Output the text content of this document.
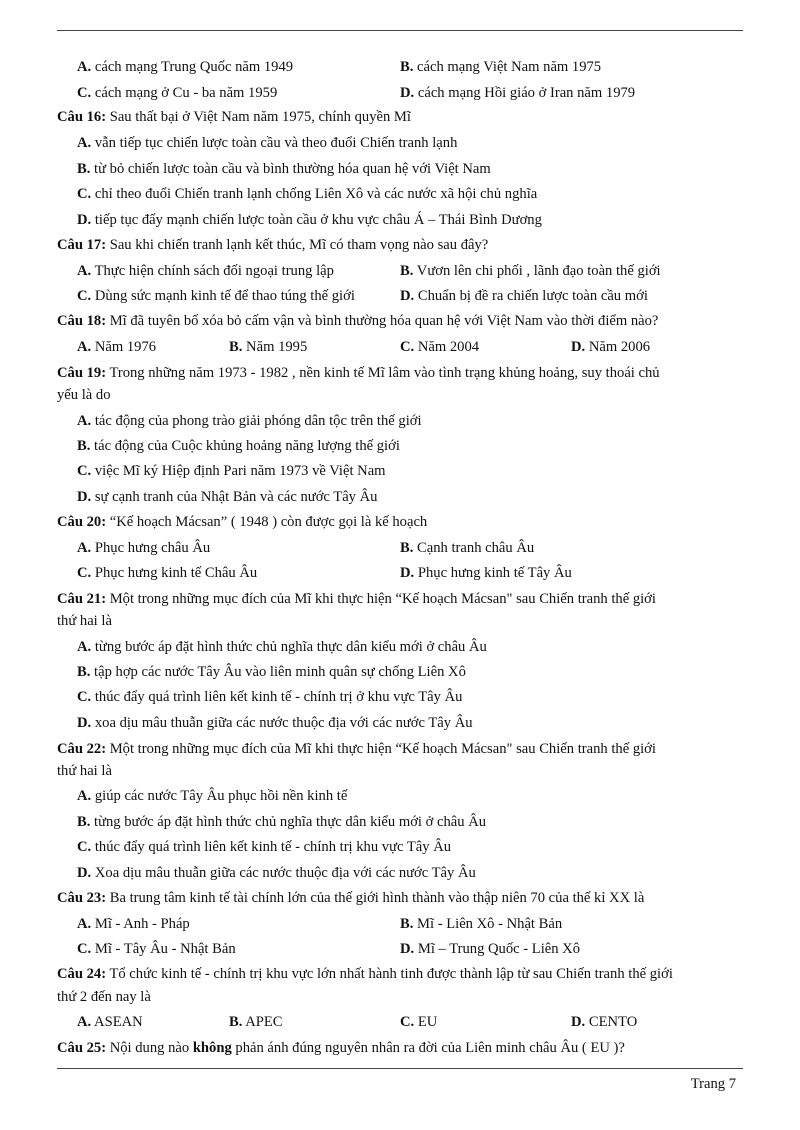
A. cách mạng Trung Quốc năm 1949	B. cách mạng Việt Nam năm 1975
C. cách mạng ở Cu - ba năm 1959	D. cách mạng Hồi giáo ở Iran năm 1979
Câu 16: Sau thất bại ở Việt Nam năm 1975, chính quyền Mĩ
A. vẫn tiếp tục chiến lược toàn cầu và theo đuổi Chiến tranh lạnh
B. từ bỏ chiến lược toàn cầu và bình thường hóa quan hệ với Việt Nam
C. chỉ theo đuổi Chiến tranh lạnh chống Liên Xô và các nước xã hội chủ nghĩa
D. tiếp tục đẩy mạnh chiến lược toàn cầu ở khu vực châu Á – Thái Bình Dương
Câu 17: Sau khi chiến tranh lạnh kết thúc, Mĩ có tham vọng nào sau đây?
A. Thực hiện chính sách đối ngoại trung lập	B. Vươn lên chi phối , lãnh đạo toàn thế giới
C. Dùng sức mạnh kinh tế để thao túng thế giới	D. Chuẩn bị đề ra chiến lược toàn cầu mới
Câu 18: Mĩ đã tuyên bố xóa bỏ cấm vận và bình thường hóa quan hệ với Việt Nam vào thời điểm nào?
A. Năm 1976	B. Năm 1995	C. Năm 2004	D. Năm 2006
Câu 19: Trong những năm 1973 - 1982 , nền kinh tế Mĩ lâm vào tình trạng khủng hoảng, suy thoái chủ
yếu là do
A. tác động của phong trào giải phóng dân tộc trên thế giới
B. tác động của Cuộc khủng hoảng năng lượng thế giới
C. việc Mĩ ký Hiệp định Pari năm 1973 về Việt Nam
D. sự cạnh tranh của Nhật Bản và các nước Tây Âu
Câu 20: “Kế hoạch Mácsan” ( 1948 ) còn được gọi là kế hoạch
A. Phục hưng châu Âu	B. Cạnh tranh châu Âu
C. Phục hưng kinh tế Châu Âu	D. Phục hưng kinh tế Tây Âu
Câu 21: Một trong những mục đích của Mĩ khi thực hiện “Kế hoạch Mácsan" sau Chiến tranh thế giới
thứ hai là
A. từng bước áp đặt hình thức chủ nghĩa thực dân kiểu mới ở châu Âu
B. tập hợp các nước Tây Âu vào liên minh quân sự chống Liên Xô
C. thúc đẩy quá trình liên kết kinh tế - chính trị ở khu vực Tây Âu
D. xoa dịu mâu thuẫn giữa các nước thuộc địa với các nước Tây Âu
Câu 22: Một trong những mục đích của Mĩ khi thực hiện “Kế hoạch Mácsan" sau Chiến tranh thế giới
thứ hai là
A. giúp các nước Tây Âu phục hồi nền kinh tế
B. từng bước áp đặt hình thức chủ nghĩa thực dân kiểu mới ở châu Âu
C. thúc đẩy quá trình liên kết kinh tế - chính trị khu vực Tây Âu
D. Xoa dịu mâu thuẫn giữa các nước thuộc địa với các nước Tây Âu
Câu 23: Ba trung tâm kinh tế tài chính lớn của thế giới hình thành vào thập niên 70 của thế kỉ XX là
A. Mĩ - Anh - Pháp	B. Mĩ - Liên Xô - Nhật Bản
C. Mĩ - Tây Âu - Nhật Bản	D. Mĩ – Trung Quốc - Liên Xô
Câu 24: Tổ chức kinh tế - chính trị khu vực lớn nhất hành tinh được thành lập từ sau Chiến tranh thế giới
thứ 2 đến nay là
A. ASEAN	B. APEC	C. EU	D. CENTO
Câu 25: Nội dung nào không phản ánh đúng nguyên nhân ra đời của Liên minh châu Âu ( EU )?
Trang 7
